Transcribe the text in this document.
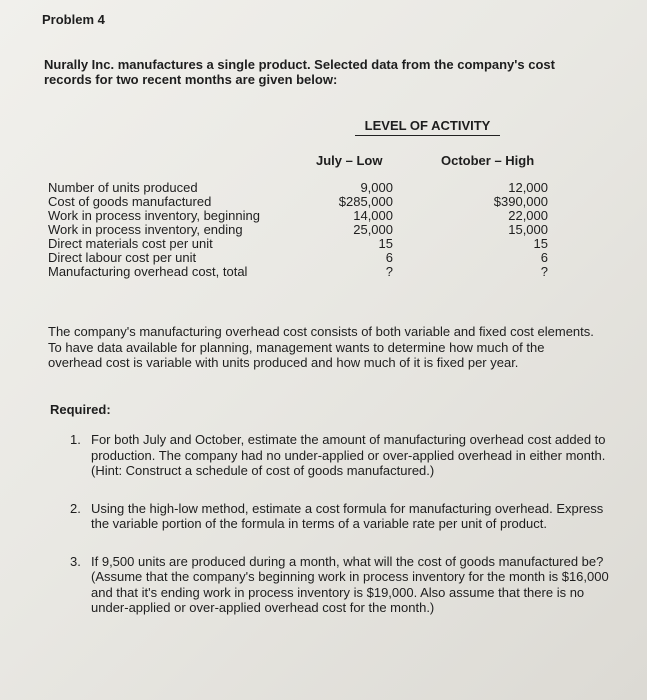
Problem 4
Nurally Inc. manufactures a single product. Selected data from the company's cost records for two recent months are given below:
LEVEL OF ACTIVITY
July – Low	October – High
Number of units produced	9,000	12,000
Cost of goods manufactured	$285,000	$390,000
Work in process inventory, beginning	14,000	22,000
Work in process inventory, ending	25,000	15,000
Direct materials cost per unit	15	15
Direct labour cost per unit	6	6
Manufacturing overhead cost, total	?	?
The company's manufacturing overhead cost consists of both variable and fixed cost elements. To have data available for planning, management wants to determine how much of the overhead cost is variable with units produced and how much of it is fixed per year.
Required:
1. For both July and October, estimate the amount of manufacturing overhead cost added to production. The company had no under-applied or over-applied overhead in either month. (Hint: Construct a schedule of cost of goods manufactured.)
2. Using the high-low method, estimate a cost formula for manufacturing overhead. Express the variable portion of the formula in terms of a variable rate per unit of product.
3. If 9,500 units are produced during a month, what will the cost of goods manufactured be? (Assume that the company's beginning work in process inventory for the month is $16,000 and that it's ending work in process inventory is $19,000. Also assume that there is no under-applied or over-applied overhead cost for the month.)
